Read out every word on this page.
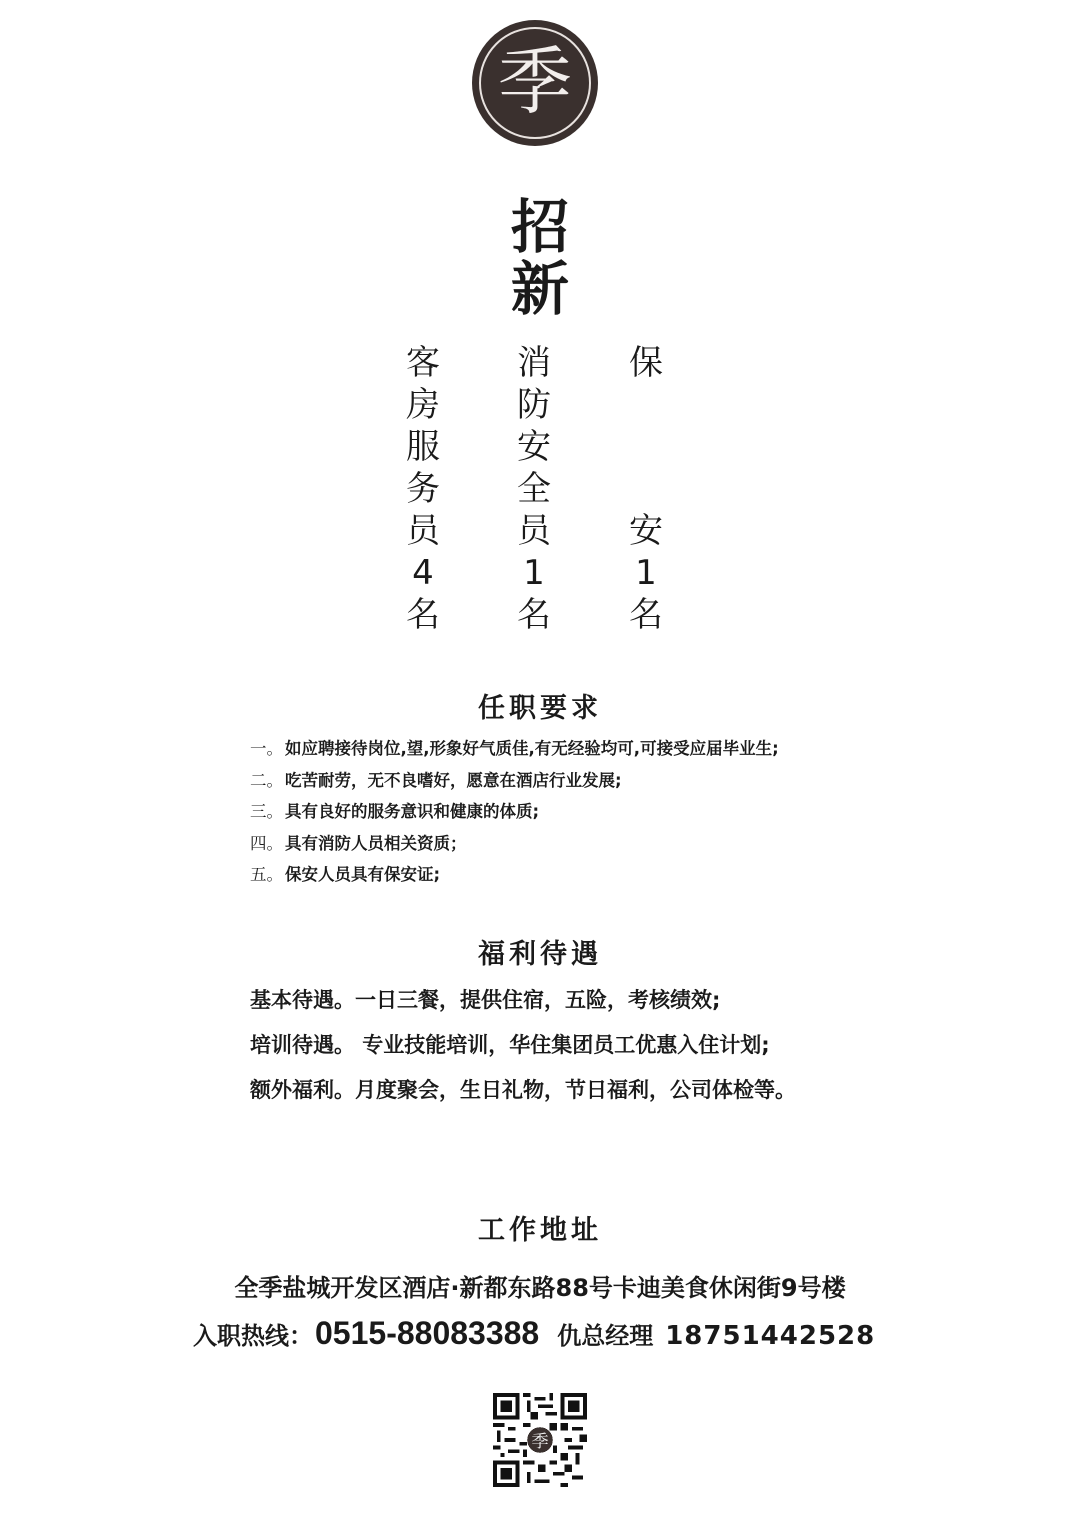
季
招
新
客
房
服
务
员
4
名
消
防
安
全
员
1
名
保
安
1
名
任职要求
一。 如应聘接待岗位,望,形象好气质佳,有无经验均可,可接受应届毕业生;
二。 吃苦耐劳，无不良嗜好，愿意在酒店行业发展;
三。 具有良好的服务意识和健康的体质;
四。 具有消防人员相关资质；
五。 保安人员具有保安证;
福利待遇
基本待遇。一日三餐，提供住宿，五险，考核绩效;
培训待遇。 专业技能培训，华住集团员工优惠入住计划;
额外福利。月度聚会，生日礼物，节日福利，公司体检等。
工作地址
全季盐城开发区酒店·新都东路88号卡迪美食休闲街9号楼
入职热线：0515-88083388 仇总经理 18751442528
季
